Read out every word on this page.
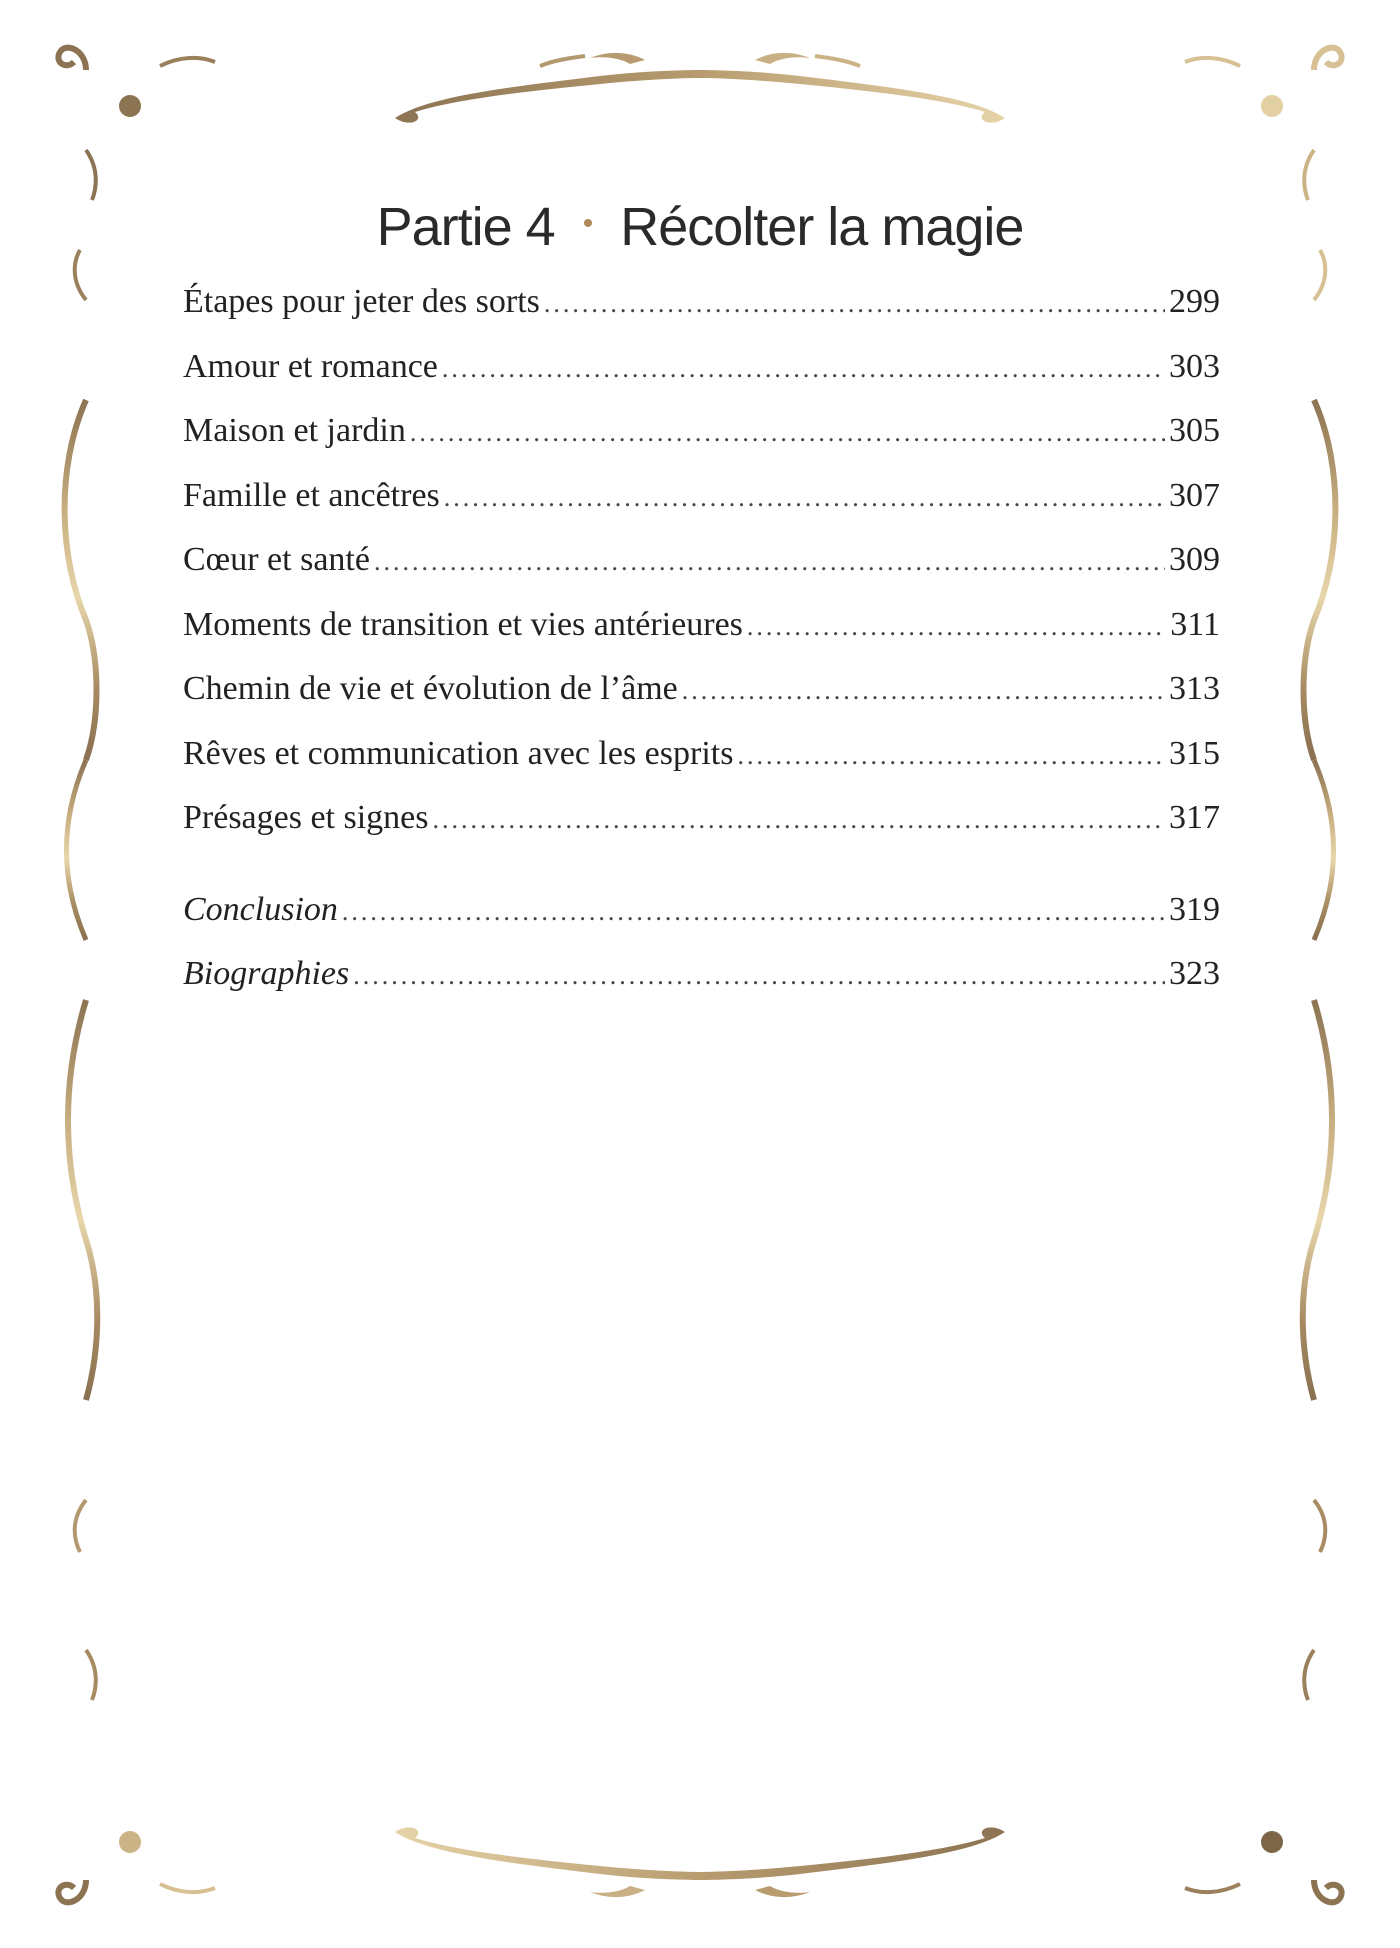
Partie 4 • Récolter la magie
Étapes pour jeter des sorts .....	299
Amour et romance .....	303
Maison et jardin .....	305
Famille et ancêtres .....	307
Cœur et santé .....	309
Moments de transition et vies antérieures .....	311
Chemin de vie et évolution de l’âme .....	313
Rêves et communication avec les esprits .....	315
Présages et signes .....	317
Conclusion .....	319
Biographies .....	323
